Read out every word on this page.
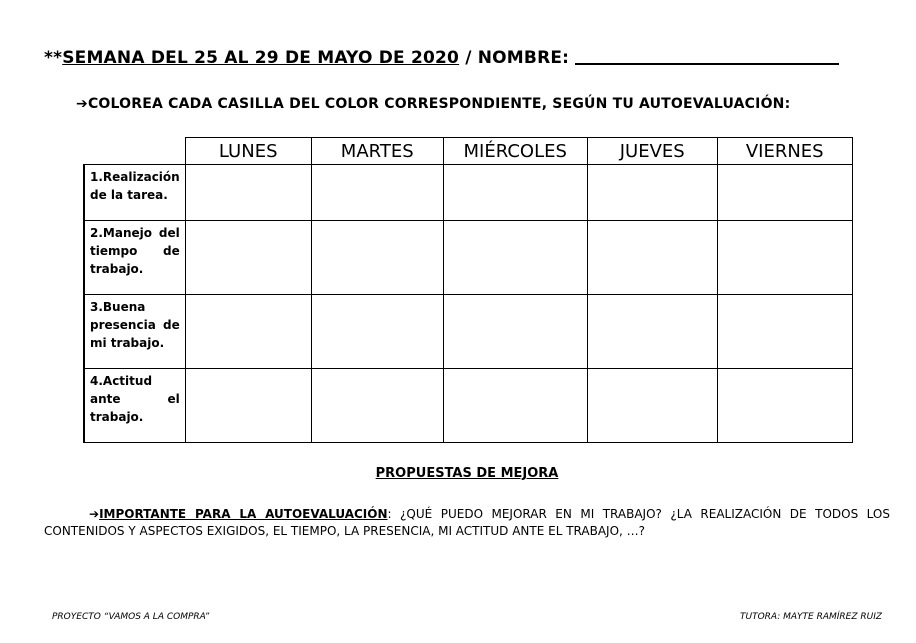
**SEMANA DEL 25 AL 29 DE MAYO DE 2020 / NOMBRE:
➔COLOREA CADA CASILLA DEL COLOR CORRESPONDIENTE, SEGÚN TU AUTOEVALUACIÓN:
	LUNES	MARTES	MIÉRCOLES	JUEVES	VIERNES
1.Realización de la tarea.					
2.Manejo del tiempo de trabajo.					
3.Buena presencia de mi trabajo.					
4.Actitud ante el trabajo.					
PROPUESTAS DE MEJORA
➔IMPORTANTE PARA LA AUTOEVALUACIÓN: ¿QUÉ PUEDO MEJORAR EN MI TRABAJO? ¿LA REALIZACIÓN DE TODOS LOS CONTENIDOS Y ASPECTOS EXIGIDOS, EL TIEMPO, LA PRESENCIA, MI ACTITUD ANTE EL TRABAJO, …?
PROYECTO “VAMOS A LA COMPRA”	TUTORA: MAYTE RAMÍREZ RUIZ
